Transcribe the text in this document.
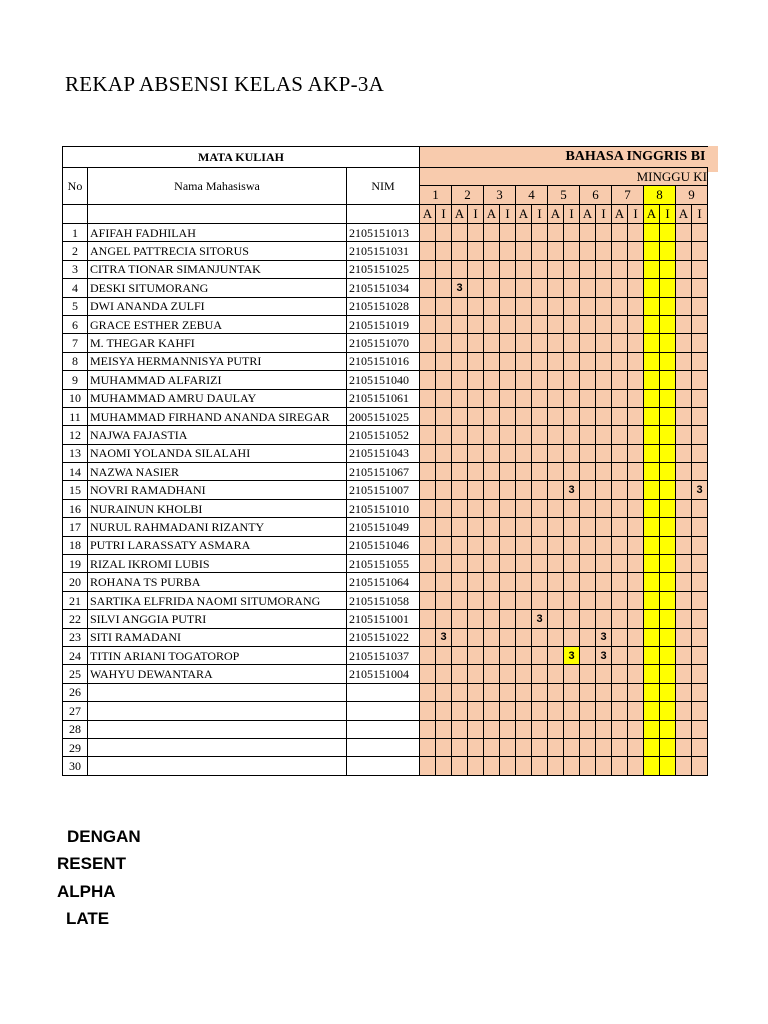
REKAP ABSENSI KELAS AKP-3A
MATA KULIAH			BAHASA INGGRIS BI																	
No	Nama Mahasiswa	NIM	MINGGU KI																	
			1		2		3		4		5		6		7		8		9	
			A	I	A	I	A	I	A	I	A	I	A	I	A	I	A	I	A	I
1	AFIFAH FADHILAH	2105151013																		
2	ANGEL PATTRECIA SITORUS	2105151031																		
3	CITRA TIONAR SIMANJUNTAK	2105151025																		
4	DESKI SITUMORANG	2105151034			3															
5	DWI ANANDA ZULFI	2105151028																		
6	GRACE ESTHER ZEBUA	2105151019																		
7	M. THEGAR KAHFI	2105151070																		
8	MEISYA HERMANNISYA PUTRI	2105151016																		
9	MUHAMMAD ALFARIZI	2105151040																		
10	MUHAMMAD AMRU DAULAY	2105151061																		
11	MUHAMMAD FIRHAND ANANDA SIREGAR	2005151025																		
12	NAJWA FAJASTIA	2105151052																		
13	NAOMI YOLANDA SILALAHI	2105151043																		
14	NAZWA NASIER	2105151067																		
15	NOVRI RAMADHANI	2105151007										3								3
16	NURAINUN KHOLBI	2105151010																		
17	NURUL RAHMADANI RIZANTY	2105151049																		
18	PUTRI LARASSATY ASMARA	2105151046																		
19	RIZAL IKROMI LUBIS	2105151055																		
20	ROHANA TS PURBA	2105151064																		
21	SARTIKA ELFRIDA NAOMI SITUMORANG	2105151058																		
22	SILVI ANGGIA PUTRI	2105151001								3										
23	SITI RAMADANI	2105151022		3										3						
24	TITIN ARIANI TOGATOROP	2105151037										3		3						
25	WAHYU DEWANTARA	2105151004																		
26																				
27																				
28																				
29																				
30																				
DENGAN
RESENT
ALPHA
LATE
